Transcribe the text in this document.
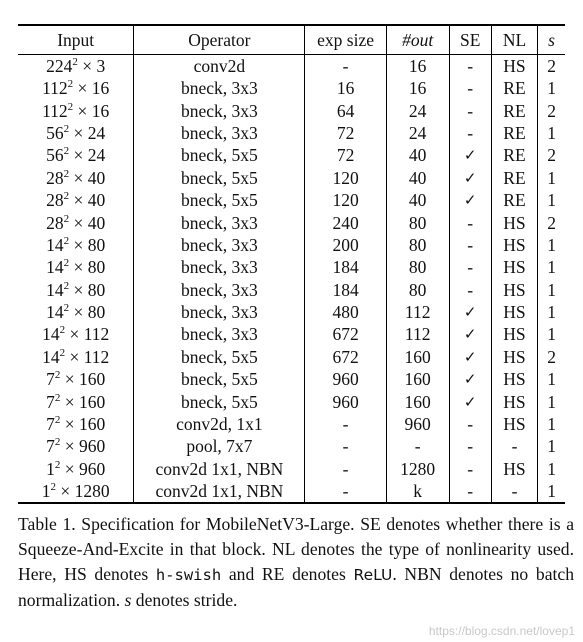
Input	Operator	exp size	#out	SE	NL	s
$224^2 \times 3$	conv2d	-	16	-	HS	2
$112^2 \times 16$	bneck, 3x3	16	16	-	RE	1
$112^2 \times 16$	bneck, 3x3	64	24	-	RE	2
$56^2 \times 24$	bneck, 3x3	72	24	-	RE	1
$56^2 \times 24$	bneck, 5x5	72	40	✓	RE	2
$28^2 \times 40$	bneck, 5x5	120	40	✓	RE	1
$28^2 \times 40$	bneck, 5x5	120	40	✓	RE	1
$28^2 \times 40$	bneck, 3x3	240	80	-	HS	2
$14^2 \times 80$	bneck, 3x3	200	80	-	HS	1
$14^2 \times 80$	bneck, 3x3	184	80	-	HS	1
$14^2 \times 80$	bneck, 3x3	184	80	-	HS	1
$14^2 \times 80$	bneck, 3x3	480	112	✓	HS	1
$14^2 \times 112$	bneck, 3x3	672	112	✓	HS	1
$14^2 \times 112$	bneck, 5x5	672	160	✓	HS	2
$7^2 \times 160$	bneck, 5x5	960	160	✓	HS	1
$7^2 \times 160$	bneck, 5x5	960	160	✓	HS	1
$7^2 \times 160$	conv2d, 1x1	-	960	-	HS	1
$7^2 \times 960$	pool, 7x7	-	-	-	-	1
$1^2 \times 960$	conv2d 1x1, NBN	-	1280	-	HS	1
$1^2 \times 1280$	conv2d 1x1, NBN	-	k	-	-	1
Table 1. Specification for MobileNetV3-Large. SE denotes whether there is a Squeeze-And-Excite in that block. NL denotes the type of nonlinearity used. Here, HS denotes h-swish and RE denotes ReLU. NBN denotes no batch normalization. s denotes stride.
https://blog.csdn.net/lovep1
